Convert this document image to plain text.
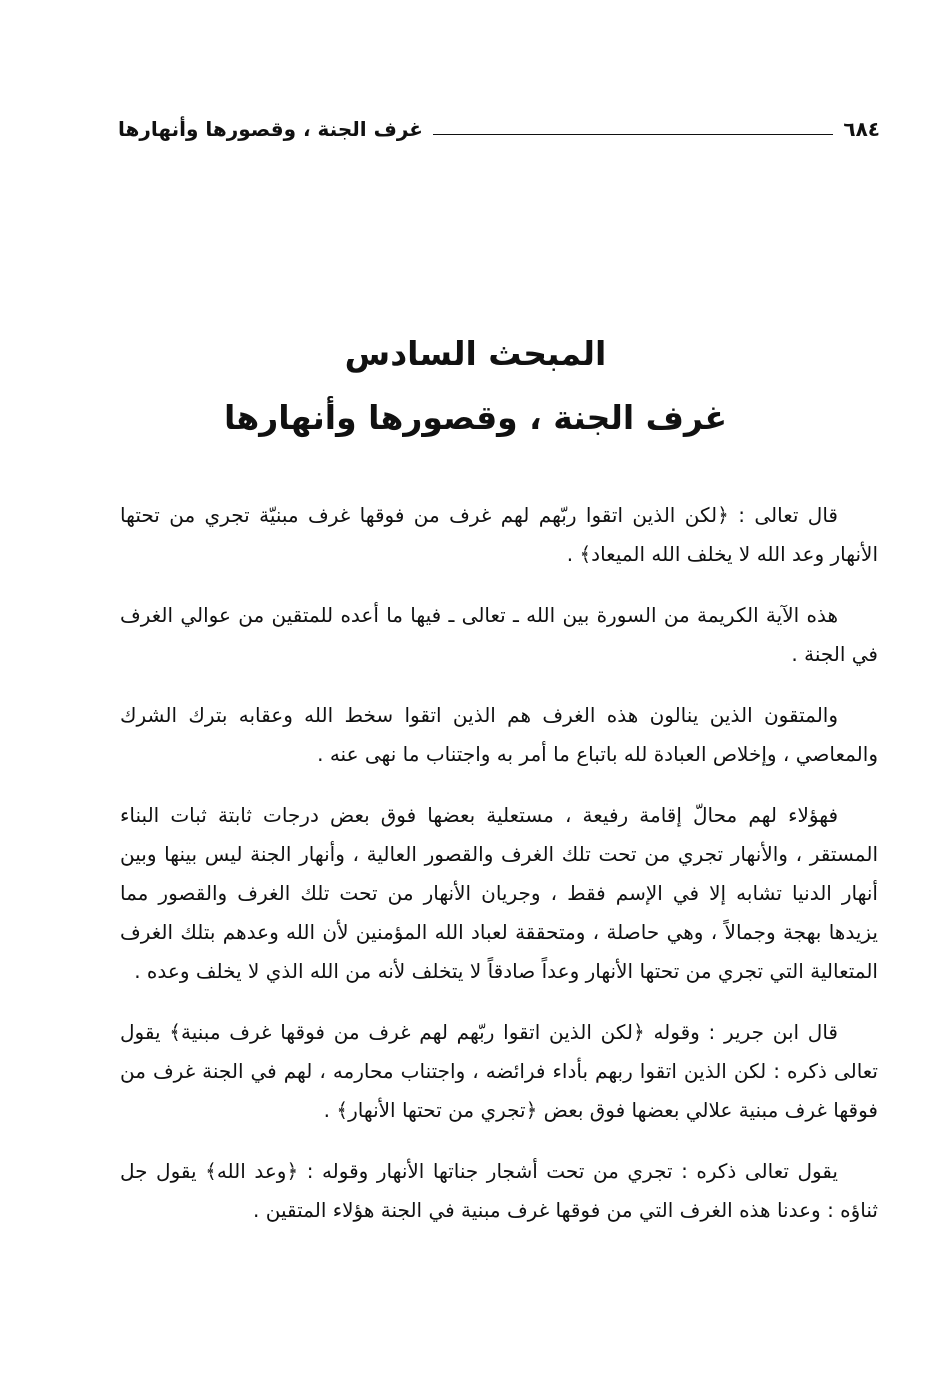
٦٨٤
غرف الجنة ، وقصورها وأنهارها
المبحث السادس
غرف الجنة ، وقصورها وأنهارها

قال تعالى : ﴿لكن الذين اتقوا ربّهم لهم غرف من فوقها غرف مبنيّة تجري من تحتها الأنهار وعد الله لا يخلف الله الميعاد﴾ .

هذه الآية الكريمة من السورة بين الله ـ تعالى ـ فيها ما أعده للمتقين من عوالي الغرف في الجنة .

والمتقون الذين ينالون هذه الغرف هم الذين اتقوا سخط الله وعقابه بترك الشرك والمعاصي ، وإخلاص العبادة لله باتباع ما أمر به واجتناب ما نهى عنه .

فهؤلاء لهم محالّ إقامة رفيعة ، مستعلية بعضها فوق بعض درجات ثابتة ثبات البناء المستقر ، والأنهار تجري من تحت تلك الغرف والقصور العالية ، وأنهار الجنة ليس بينها وبين أنهار الدنيا تشابه إلا في الإسم فقط ، وجريان الأنهار من تحت تلك الغرف والقصور مما يزيدها بهجة وجمالاً ، وهي حاصلة ، ومتحققة لعباد الله المؤمنين لأن الله وعدهم بتلك الغرف المتعالية التي تجري من تحتها الأنهار وعداً صادقاً لا يتخلف لأنه من الله الذي لا يخلف وعده .

قال ابن جرير : وقوله ﴿لكن الذين اتقوا ربّهم لهم غرف من فوقها غرف مبنية﴾ يقول تعالى ذكره : لكن الذين اتقوا ربهم بأداء فرائضه ، واجتناب محارمه ، لهم في الجنة غرف من فوقها غرف مبنية علالي بعضها فوق بعض ﴿تجري من تحتها الأنهار﴾ .

يقول تعالى ذكره : تجري من تحت أشجار جناتها الأنهار وقوله : ﴿وعد الله﴾ يقول جل ثناؤه : وعدنا هذه الغرف التي من فوقها غرف مبنية في الجنة هؤلاء المتقين .
